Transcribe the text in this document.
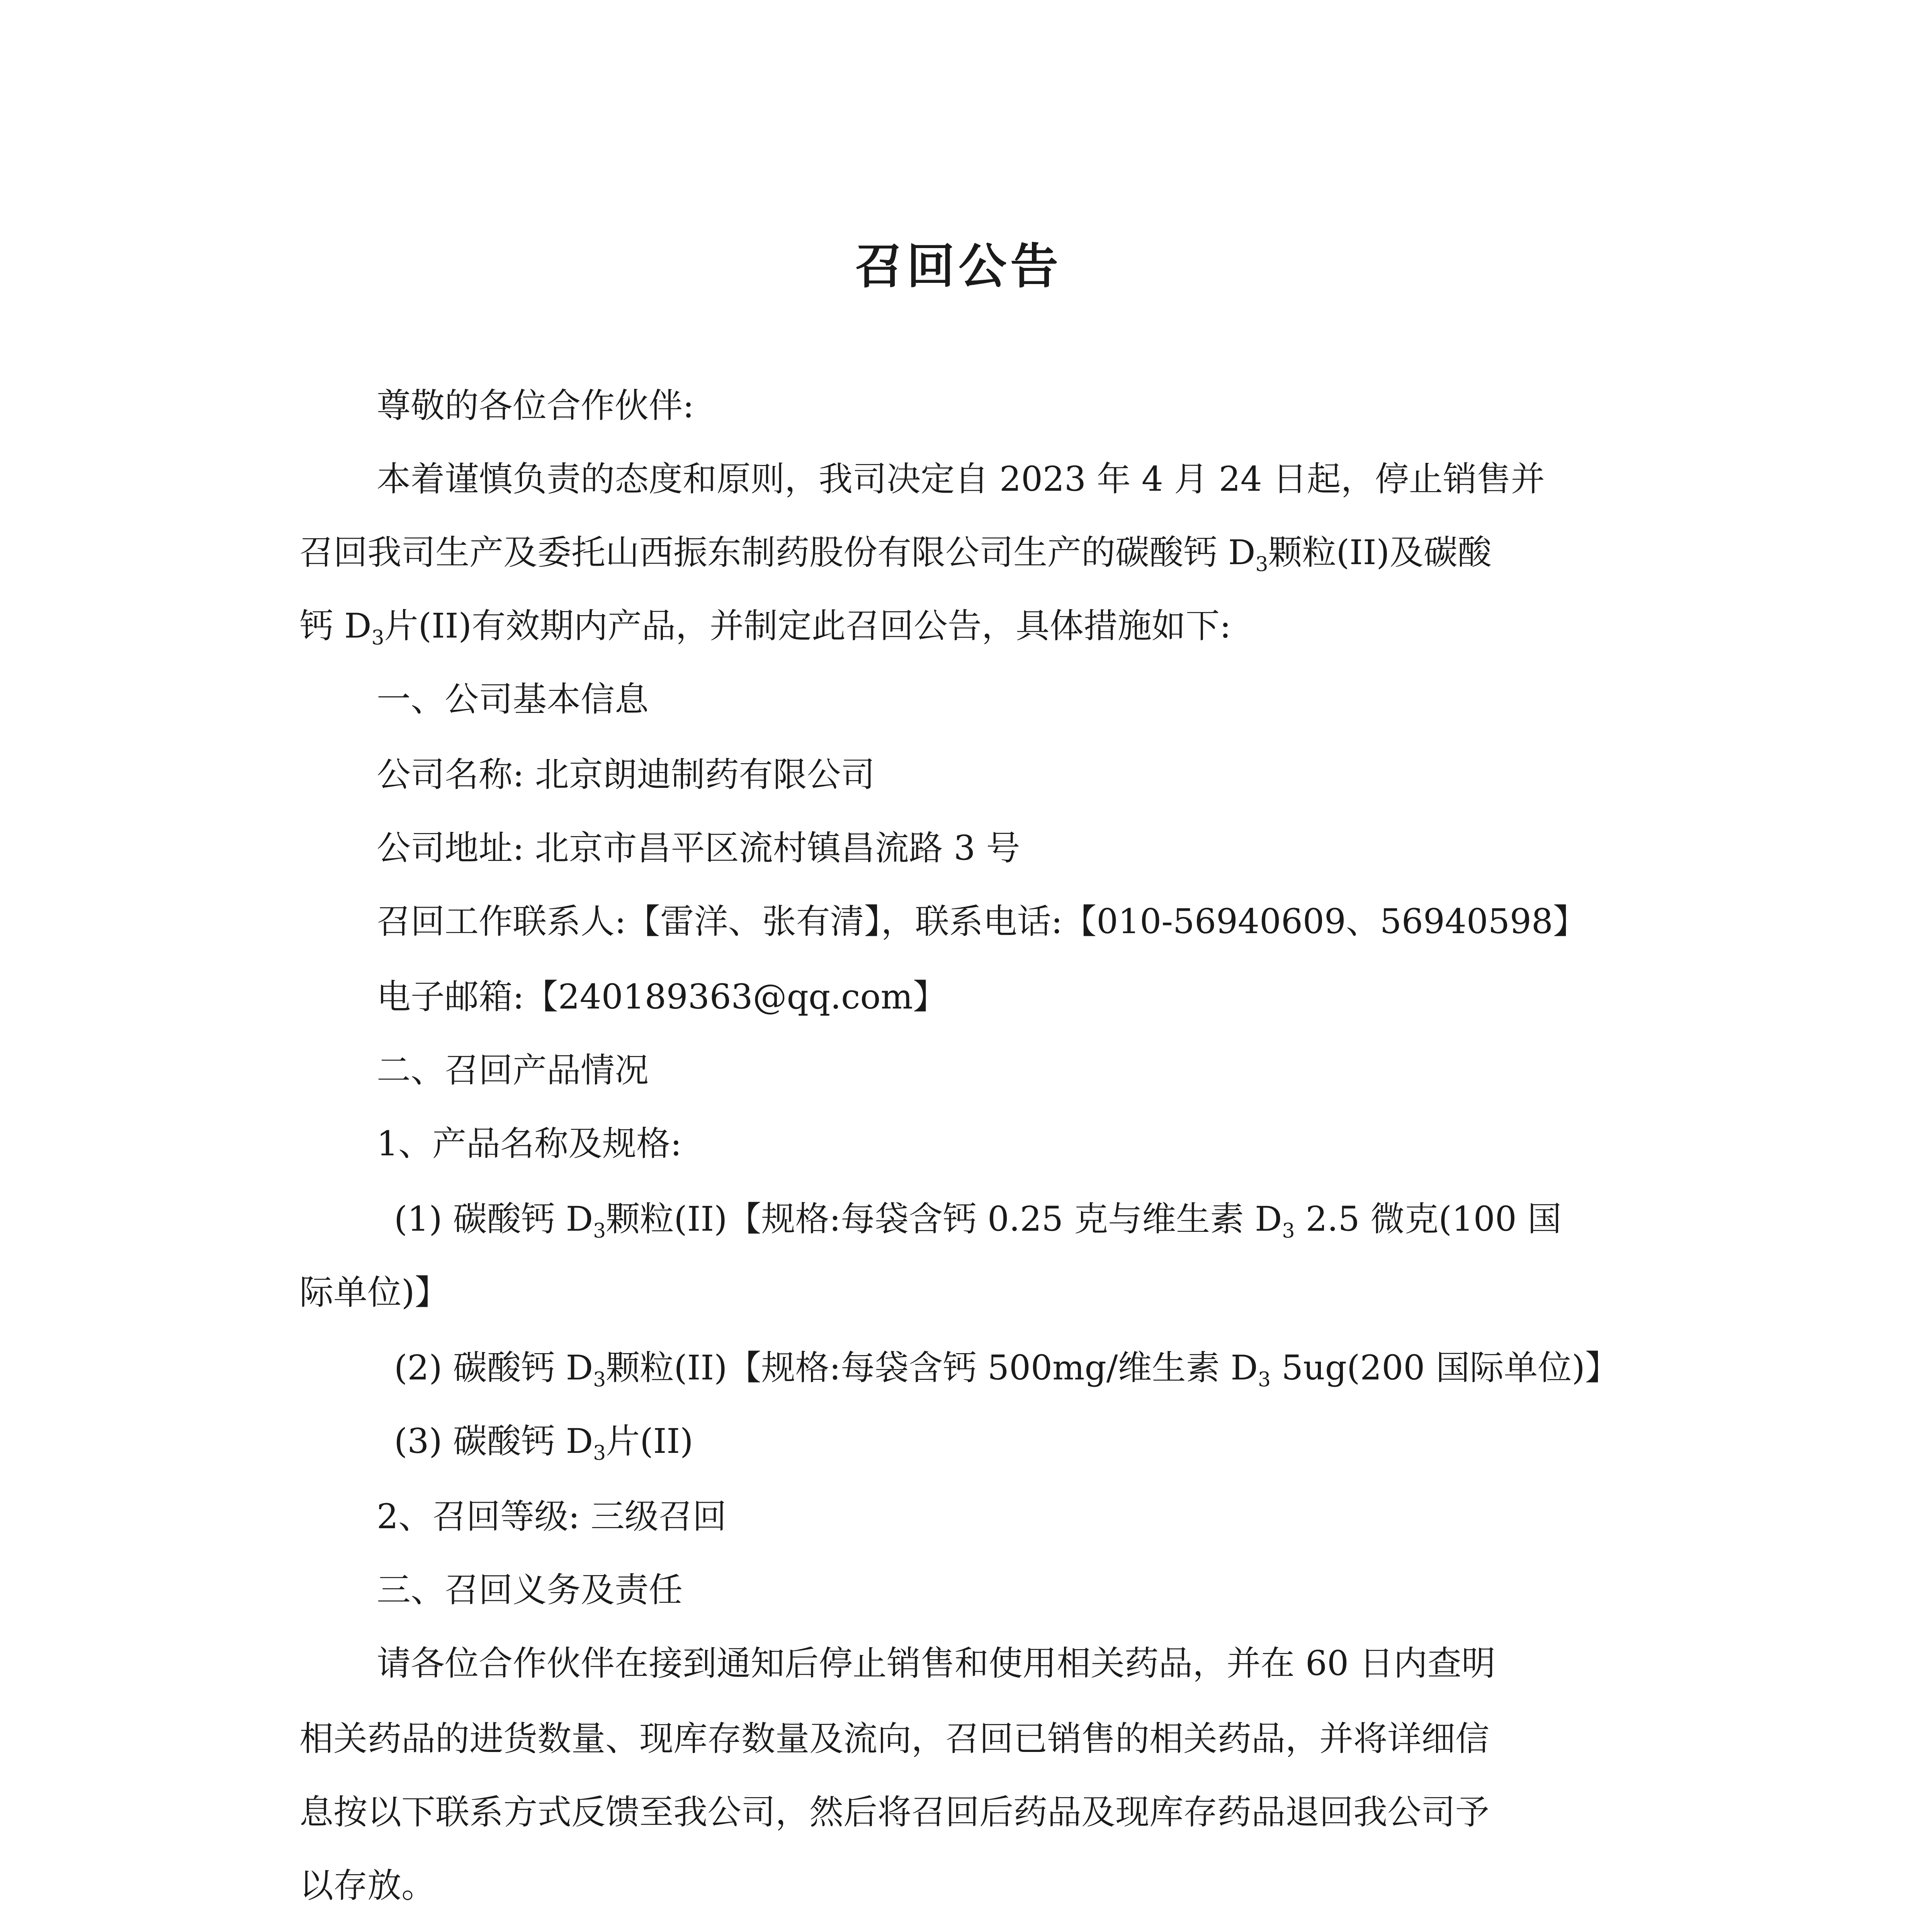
召回公告
尊敬的各位合作伙伴:
本着谨慎负责的态度和原则，我司决定自 2023 年 4 月 24 日起，停止销售并
召回我司生产及委托山西振东制药股份有限公司生产的碳酸钙 $D_3$颗粒(II)及碳酸
钙 $D_3$片(II)有效期内产品，并制定此召回公告，具体措施如下:
一、公司基本信息
公司名称: 北京朗迪制药有限公司
公司地址: 北京市昌平区流村镇昌流路 3 号
召回工作联系人:【雷洋、张有清】，联系电话:【010-56940609、56940598】
电子邮箱:【240189363@qq.com】
二、召回产品情况
1、产品名称及规格:
(1) 碳酸钙 $D_3$颗粒(II)【规格:每袋含钙 0.25 克与维生素 $D_3$ 2.5 微克(100 国
际单位)】
(2) 碳酸钙 $D_3$颗粒(II)【规格:每袋含钙 500mg/维生素 $D_3$ 5ug(200 国际单位)】
(3) 碳酸钙 $D_3$片(II)
2、召回等级: 三级召回
三、召回义务及责任
请各位合作伙伴在接到通知后停止销售和使用相关药品，并在 60 日内查明
相关药品的进货数量、现库存数量及流向，召回已销售的相关药品，并将详细信
息按以下联系方式反馈至我公司，然后将召回后药品及现库存药品退回我公司予
以存放。
